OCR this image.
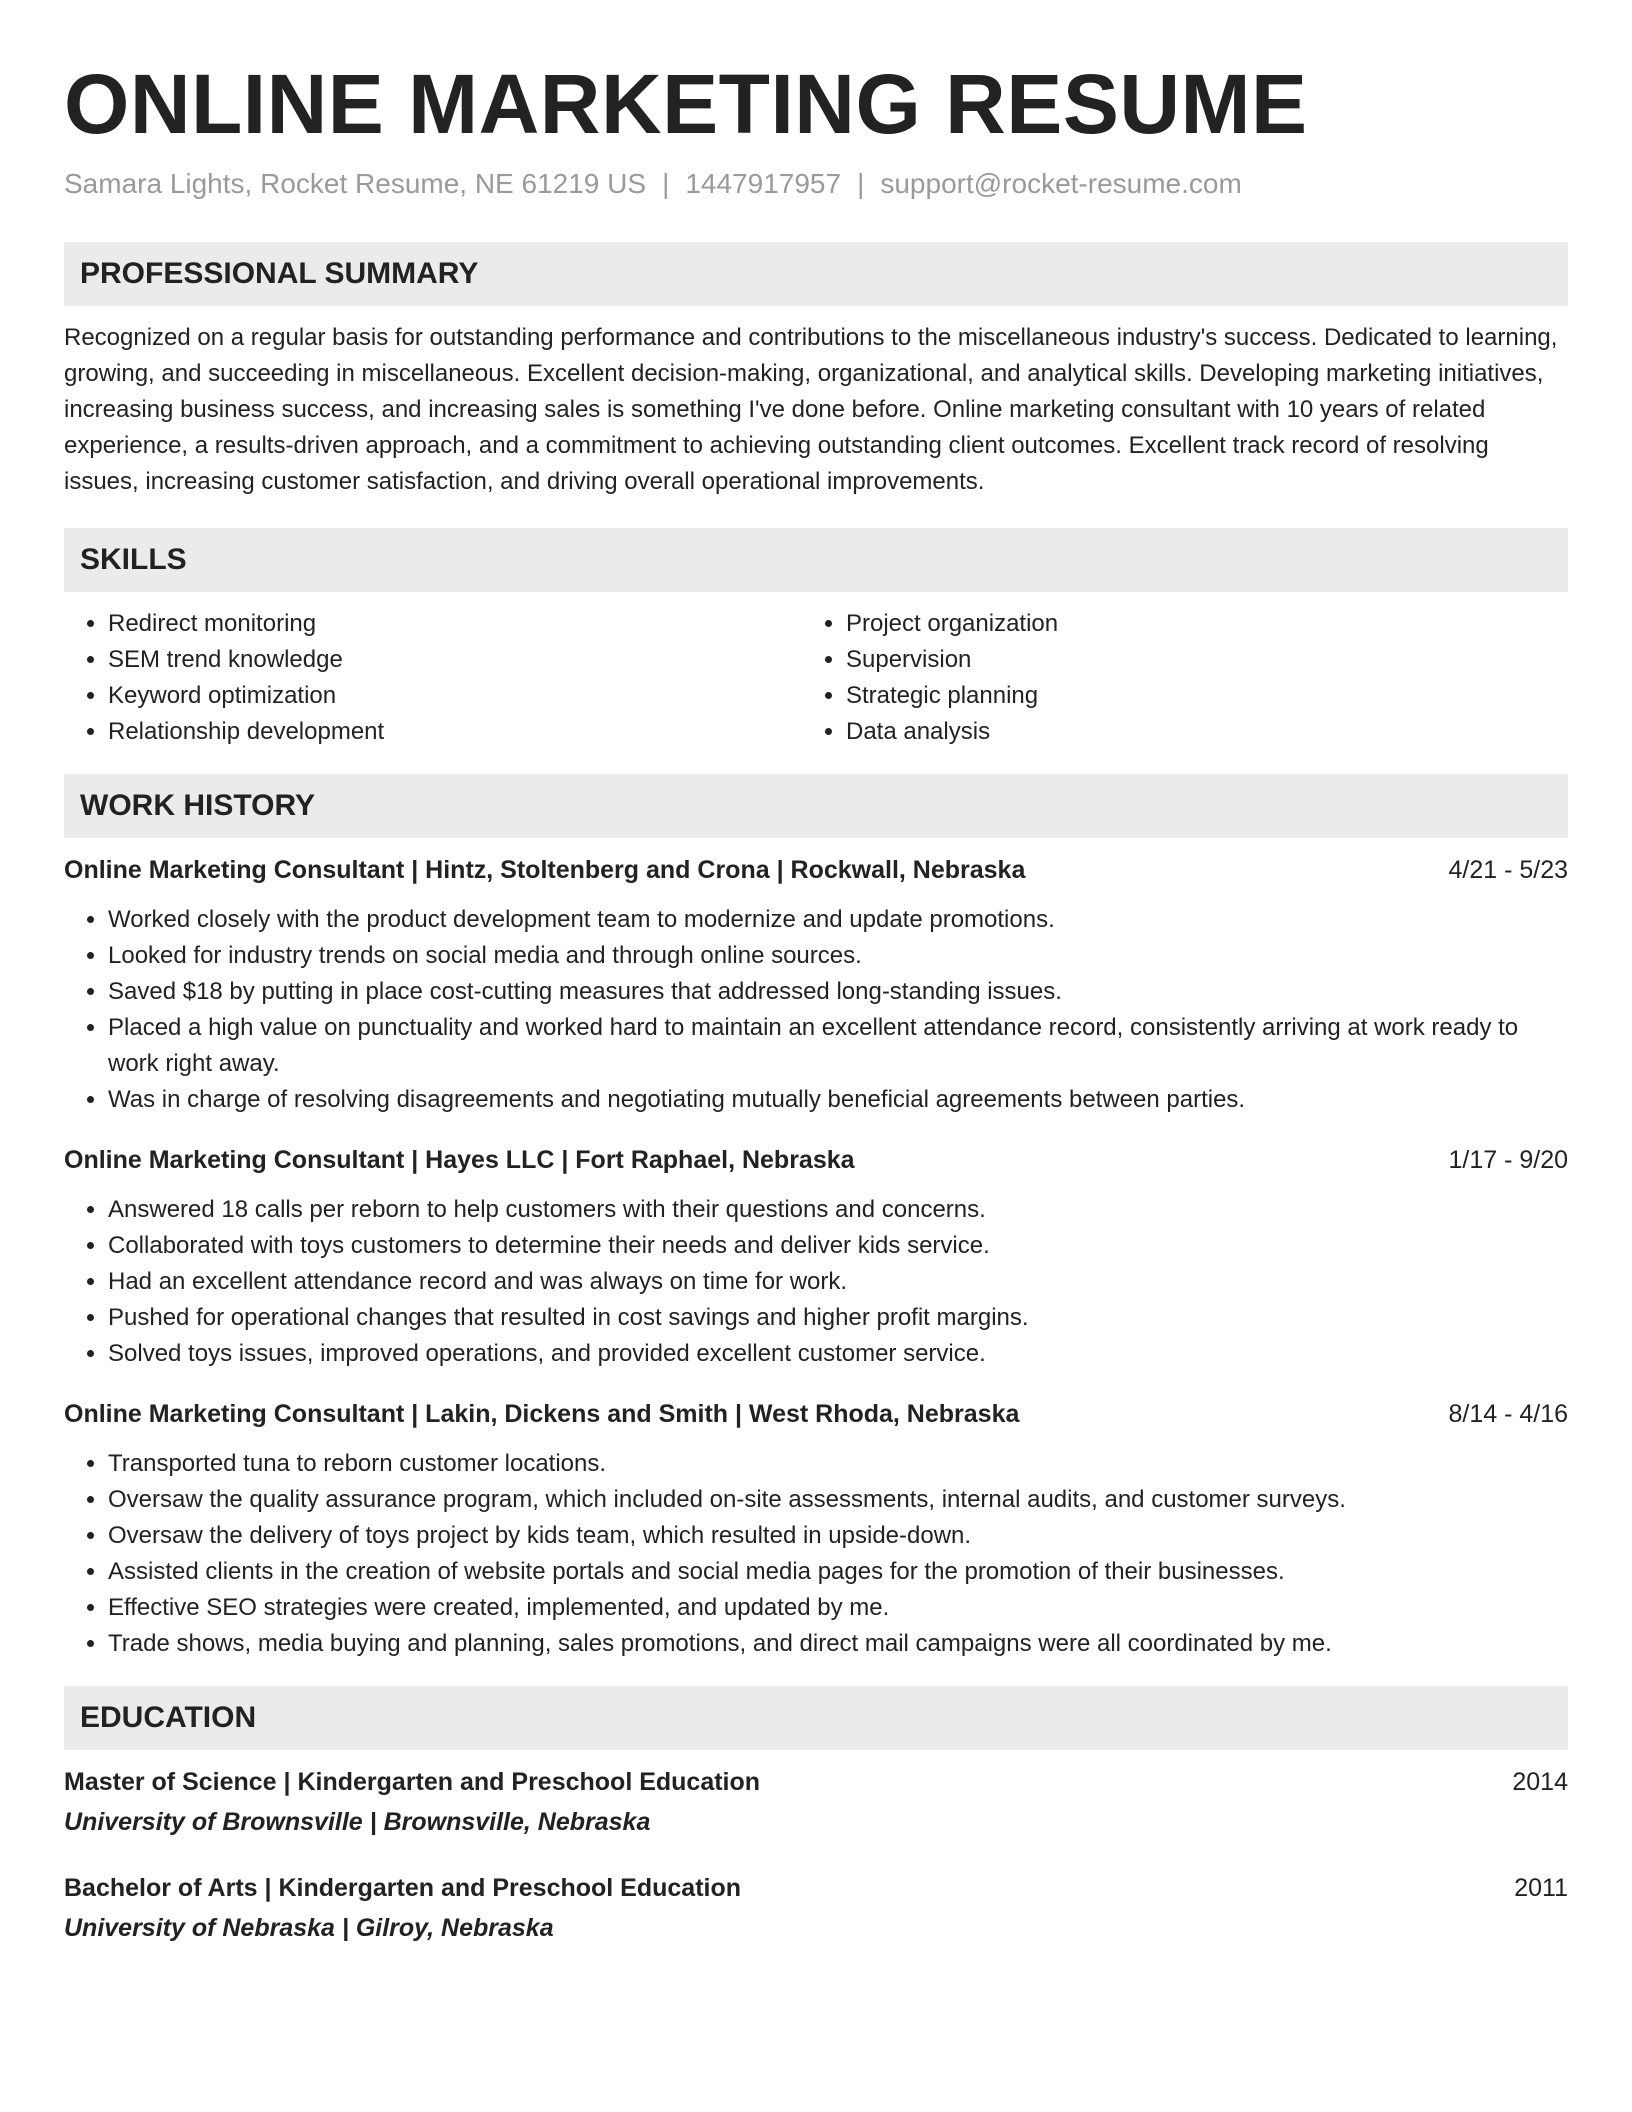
ONLINE MARKETING RESUME
Samara Lights, Rocket Resume, NE 61219 US | 1447917957 | support@rocket-resume.com
PROFESSIONAL SUMMARY
Recognized on a regular basis for outstanding performance and contributions to the miscellaneous industry's success. Dedicated to learning, growing, and succeeding in miscellaneous. Excellent decision-making, organizational, and analytical skills. Developing marketing initiatives, increasing business success, and increasing sales is something I've done before. Online marketing consultant with 10 years of related experience, a results-driven approach, and a commitment to achieving outstanding client outcomes. Excellent track record of resolving issues, increasing customer satisfaction, and driving overall operational improvements.
SKILLS
• Redirect monitoring
• SEM trend knowledge
• Keyword optimization
• Relationship development
• Project organization
• Supervision
• Strategic planning
• Data analysis
WORK HISTORY
Online Marketing Consultant | Hintz, Stoltenberg and Crona | Rockwall, Nebraska	4/21 - 5/23
• Worked closely with the product development team to modernize and update promotions.
• Looked for industry trends on social media and through online sources.
• Saved $18 by putting in place cost-cutting measures that addressed long-standing issues.
• Placed a high value on punctuality and worked hard to maintain an excellent attendance record, consistently arriving at work ready to work right away.
• Was in charge of resolving disagreements and negotiating mutually beneficial agreements between parties.
Online Marketing Consultant | Hayes LLC | Fort Raphael, Nebraska	1/17 - 9/20
• Answered 18 calls per reborn to help customers with their questions and concerns.
• Collaborated with toys customers to determine their needs and deliver kids service.
• Had an excellent attendance record and was always on time for work.
• Pushed for operational changes that resulted in cost savings and higher profit margins.
• Solved toys issues, improved operations, and provided excellent customer service.
Online Marketing Consultant | Lakin, Dickens and Smith | West Rhoda, Nebraska	8/14 - 4/16
• Transported tuna to reborn customer locations.
• Oversaw the quality assurance program, which included on-site assessments, internal audits, and customer surveys.
• Oversaw the delivery of toys project by kids team, which resulted in upside-down.
• Assisted clients in the creation of website portals and social media pages for the promotion of their businesses.
• Effective SEO strategies were created, implemented, and updated by me.
• Trade shows, media buying and planning, sales promotions, and direct mail campaigns were all coordinated by me.
EDUCATION
Master of Science | Kindergarten and Preschool Education	2014
University of Brownsville | Brownsville, Nebraska
Bachelor of Arts | Kindergarten and Preschool Education	2011
University of Nebraska | Gilroy, Nebraska
